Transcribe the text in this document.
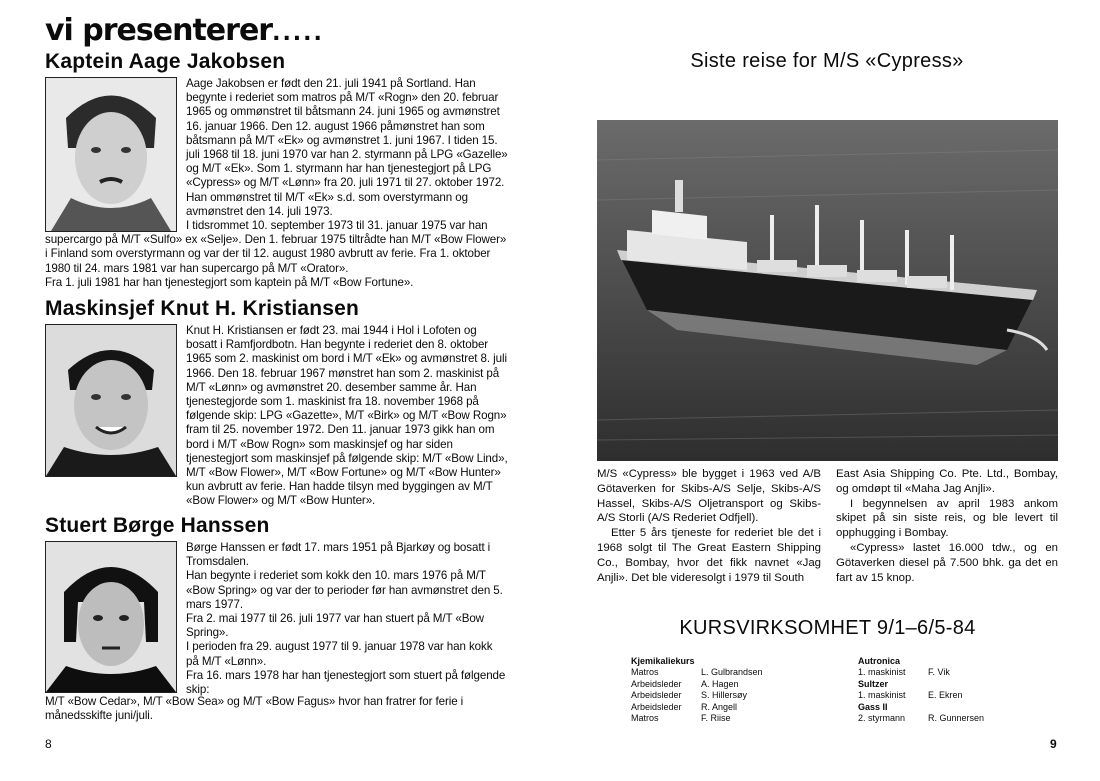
vi presenterer.....
Kaptein Aage Jakobsen

Aage Jakobsen er født den 21. juli 1941 på Sortland. Han begynte i rederiet som matros på M/T «Rogn» den 20. februar 1965 og ommønstret til båtsmann 24. juni 1965 og avmønstret 16. januar 1966. Den 12. august 1966 påmønstret han som båtsmann på M/T «Ek» og avmønstret 1. juni 1967. I tiden 15. juli 1968 til 18. juni 1970 var han 2. styrmann på LPG «Gazelle» og M/T «Ek». Som 1. styrmann har han tjenestegjort på LPG «Cypress» og M/T «Lønn» fra 20. juli 1971 til 27. oktober 1972. Han ommønstret til M/T «Ek» s.d. som overstyrmann og avmønstret den 14. juli 1973.

I tidsrommet 10. september 1973 til 31. januar 1975 var han supercargo på M/T «Sulfo» ex «Selje». Den 1. februar 1975 tiltrådte han M/T «Bow Flower» i Finland som overstyrmann og var der til 12. august 1980 avbrutt av ferie. Fra 1. oktober 1980 til 24. mars 1981 var han supercargo på M/T «Orator».

Fra 1. juli 1981 har han tjenestegjort som kaptein på M/T «Bow Fortune».

Maskinsjef Knut H. Kristiansen

Knut H. Kristiansen er født 23. mai 1944 i Hol i Lofoten og bosatt i Ramfjordbotn. Han begynte i rederiet den 8. oktober 1965 som 2. maskinist om bord i M/T «Ek» og avmønstret 8. juli 1966. Den 18. februar 1967 mønstret han som 2. maskinist på M/T «Lønn» og avmønstret 20. desember samme år. Han tjenestegjorde som 1. maskinist fra 18. november 1968 på følgende skip: LPG «Gazette», M/T «Birk» og M/T «Bow Rogn» fram til 25. november 1972. Den 11. januar 1973 gikk han om bord i M/T «Bow Rogn» som maskinsjef og har siden tjenestegjort som maskinsjef på følgende skip: M/T «Bow Lind», M/T «Bow Flower», M/T «Bow Fortune» og M/T «Bow Hunter» kun avbrutt av ferie. Han hadde tilsyn med byggingen av M/T «Bow Flower» og M/T «Bow Hunter».

Stuert Børge Hanssen

Børge Hanssen er født 17. mars 1951 på Bjarkøy og bosatt i Tromsdalen.

Han begynte i rederiet som kokk den 10. mars 1976 på M/T «Bow Spring» og var der to perioder før han avmønstret den 5. mars 1977.

Fra 2. mai 1977 til 26. juli 1977 var han stuert på M/T «Bow Spring».

I perioden fra 29. august 1977 til 9. januar 1978 var han kokk på M/T «Lønn».

Fra 16. mars 1978 har han tjenestegjort som stuert på følgende skip:

M/T «Bow Cedar», M/T «Bow Sea» og M/T «Bow Fagus» hvor han fratrer for ferie i månedsskifte juni/juli.

8
Siste reise for M/S «Cypress»

M/S «Cypress» ble bygget i 1963 ved A/B Götaverken for Skibs-A/S Selje, Skibs-A/S Hassel, Skibs-A/S Oljetransport og Skibs-A/S Storli (A/S Rederiet Odfjell).

Etter 5 års tjeneste for rederiet ble det i 1968 solgt til The Great Eastern Shipping Co., Bombay, hvor det fikk navnet «Jag Anjli». Det ble videresolgt i 1979 til South

East Asia Shipping Co. Pte. Ltd., Bombay, og omdøpt til «Maha Jag Anjli».

I begynnelsen av april 1983 ankom skipet på sin siste reis, og ble levert til opphugging i Bombay.

«Cypress» lastet 16.000 tdw., og en Götaverken diesel på 7.500 bhk. ga det en fart av 15 knop.

KURSVIRKSOMHET 9/1–6/5-84
Kjemikaliekurs
Matros	L. Gulbrandsen
Arbeidsleder	A. Hagen
Arbeidsleder	S. Hillersøy
Arbeidsleder	R. Angell
Matros	F. Riise
Autronica
1. maskinist	F. Vik
Sultzer
1. maskinist	E. Ekren
Gass II
2. styrmann	R. Gunnersen
9
